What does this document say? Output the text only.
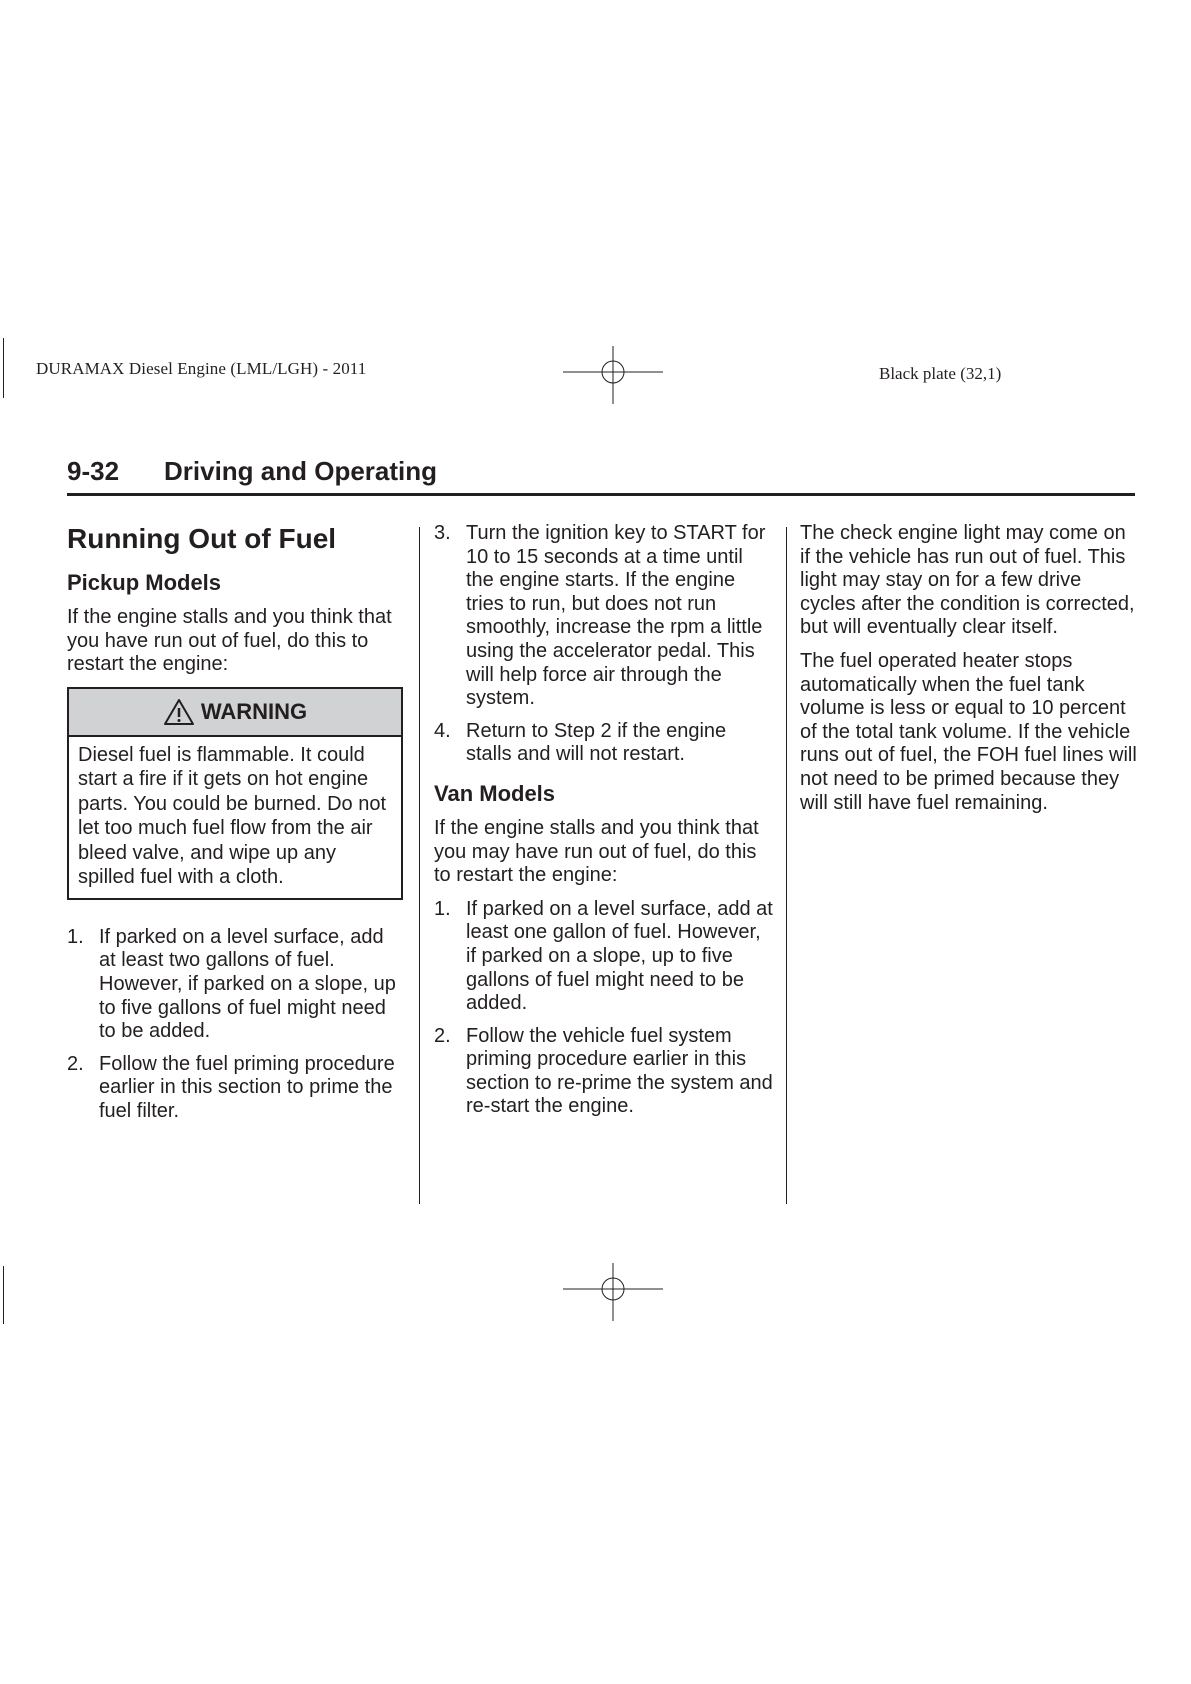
DURAMAX Diesel Engine (LML/LGH) - 2011	Black plate (32,1)
9-32 Driving and Operating
Running Out of Fuel
Pickup Models

If the engine stalls and you think that you have run out of fuel, do this to restart the engine:

WARNING
Diesel fuel is flammable. It could start a fire if it gets on hot engine parts. You could be burned. Do not let too much fuel flow from the air bleed valve, and wipe up any spilled fuel with a cloth.
1. If parked on a level surface, add at least two gallons of fuel. However, if parked on a slope, up to five gallons of fuel might need to be added.
2. Follow the fuel priming procedure earlier in this section to prime the fuel filter.
3. Turn the ignition key to START for 10 to 15 seconds at a time until the engine starts. If the engine tries to run, but does not run smoothly, increase the rpm a little using the accelerator pedal. This will help force air through the system.
4. Return to Step 2 if the engine stalls and will not restart.
Van Models

If the engine stalls and you think that you may have run out of fuel, do this to restart the engine:

1. If parked on a level surface, add at least one gallon of fuel. However, if parked on a slope, up to five gallons of fuel might need to be added.
2. Follow the vehicle fuel system priming procedure earlier in this section to re-prime the system and re-start the engine.

The check engine light may come on if the vehicle has run out of fuel. This light may stay on for a few drive cycles after the condition is corrected, but will eventually clear itself.

The fuel operated heater stops automatically when the fuel tank volume is less or equal to 10 percent of the total tank volume. If the vehicle runs out of fuel, the FOH fuel lines will not need to be primed because they will still have fuel remaining.
